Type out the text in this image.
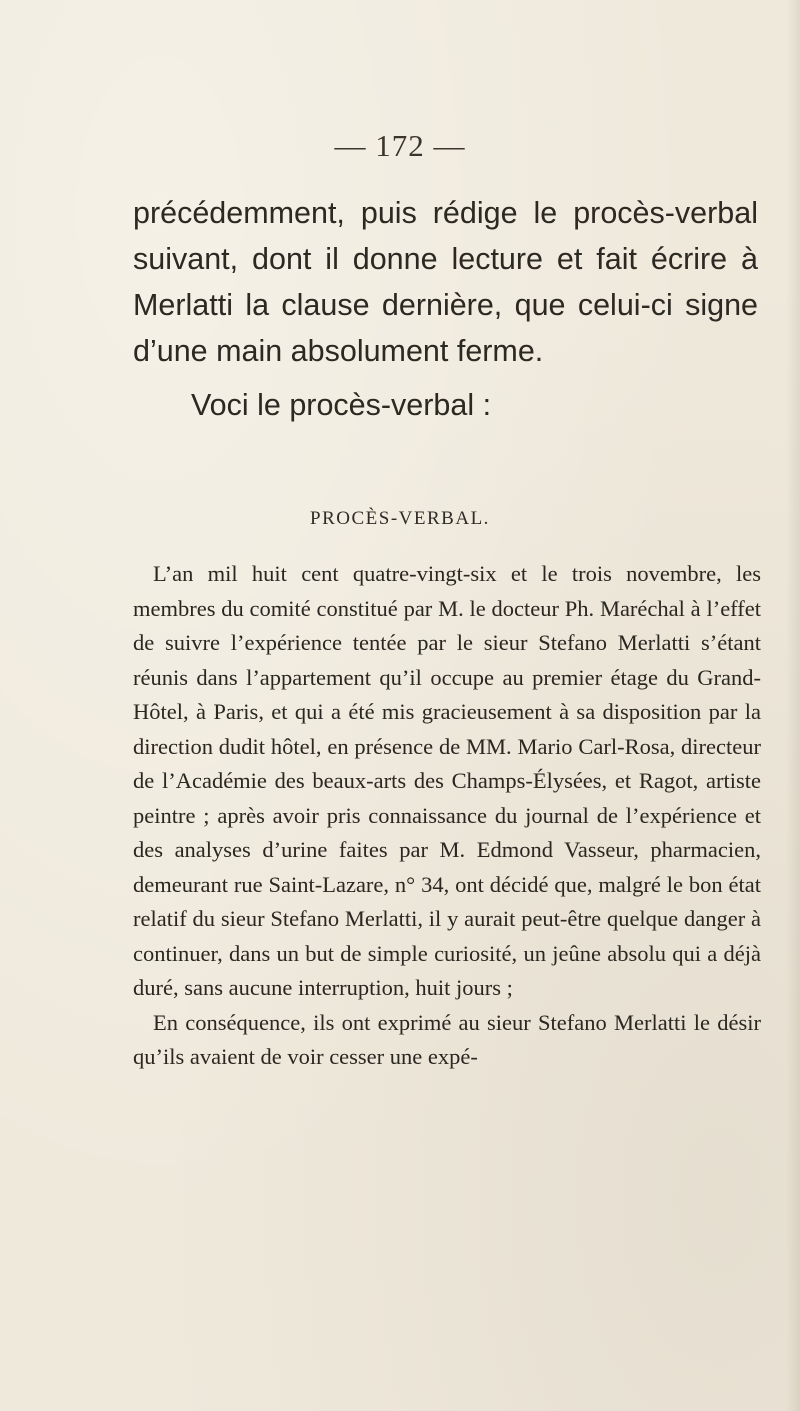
— 172 —

précédemment, puis rédige le procès-verbal suivant, dont il donne lecture et fait écrire à Merlatti la clause dernière, que celui-ci signe d’une main absolument ferme.

Voci le procès-verbal :

PROCÈS-VERBAL.

L’an mil huit cent quatre-vingt-six et le trois novembre, les membres du comité constitué par M. le docteur Ph. Maréchal à l’effet de suivre l’expérience tentée par le sieur Stefano Merlatti s’étant réunis dans l’appartement qu’il occupe au premier étage du Grand-Hôtel, à Paris, et qui a été mis gracieusement à sa disposition par la direction dudit hôtel, en présence de MM. Mario Carl-Rosa, directeur de l’Académie des beaux-arts des Champs-Élysées, et Ragot, artiste peintre ; après avoir pris connaissance du journal de l’expérience et des analyses d’urine faites par M. Edmond Vasseur, pharmacien, demeurant rue Saint-Lazare, n° 34, ont décidé que, malgré le bon état relatif du sieur Stefano Merlatti, il y aurait peut-être quelque danger à continuer, dans un but de simple curiosité, un jeûne absolu qui a déjà duré, sans aucune interruption, huit jours ;

En conséquence, ils ont exprimé au sieur Stefano Merlatti le désir qu’ils avaient de voir cesser une expé-
